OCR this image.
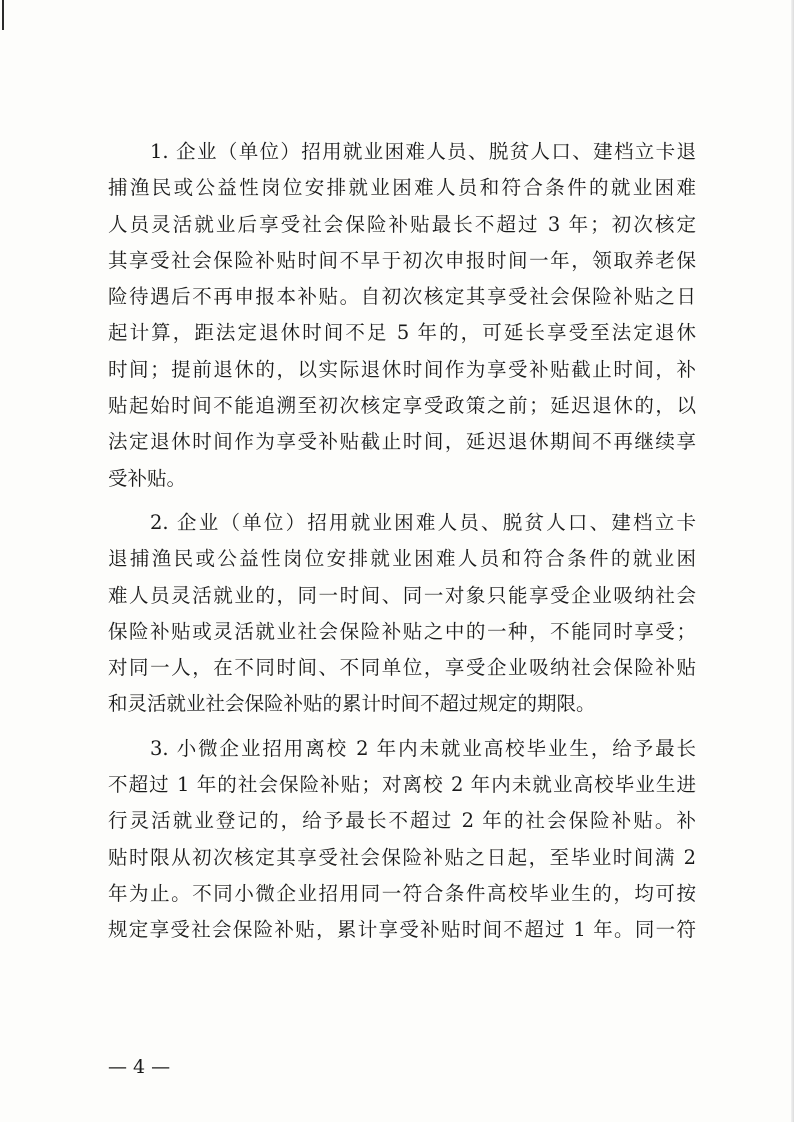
1. 企业（单位）招用就业困难人员、脱贫人口、建档立卡退
捕渔民或公益性岗位安排就业困难人员和符合条件的就业困难
人员灵活就业后享受社会保险补贴最长不超过 3 年；初次核定
其享受社会保险补贴时间不早于初次申报时间一年，领取养老保
险待遇后不再申报本补贴。自初次核定其享受社会保险补贴之日
起计算，距法定退休时间不足 5 年的，可延长享受至法定退休
时间；提前退休的，以实际退休时间作为享受补贴截止时间，补
贴起始时间不能追溯至初次核定享受政策之前；延迟退休的，以
法定退休时间作为享受补贴截止时间，延迟退休期间不再继续享
受补贴。
2. 企业（单位）招用就业困难人员、脱贫人口、建档立卡
退捕渔民或公益性岗位安排就业困难人员和符合条件的就业困
难人员灵活就业的，同一时间、同一对象只能享受企业吸纳社会
保险补贴或灵活就业社会保险补贴之中的一种，不能同时享受；
对同一人，在不同时间、不同单位，享受企业吸纳社会保险补贴
和灵活就业社会保险补贴的累计时间不超过规定的期限。
3. 小微企业招用离校 2 年内未就业高校毕业生，给予最长
不超过 1 年的社会保险补贴；对离校 2 年内未就业高校毕业生进
行灵活就业登记的，给予最长不超过 2 年的社会保险补贴。补
贴时限从初次核定其享受社会保险补贴之日起，至毕业时间满 2
年为止。不同小微企业招用同一符合条件高校毕业生的，均可按
规定享受社会保险补贴，累计享受补贴时间不超过 1 年。同一符
— 4 —
